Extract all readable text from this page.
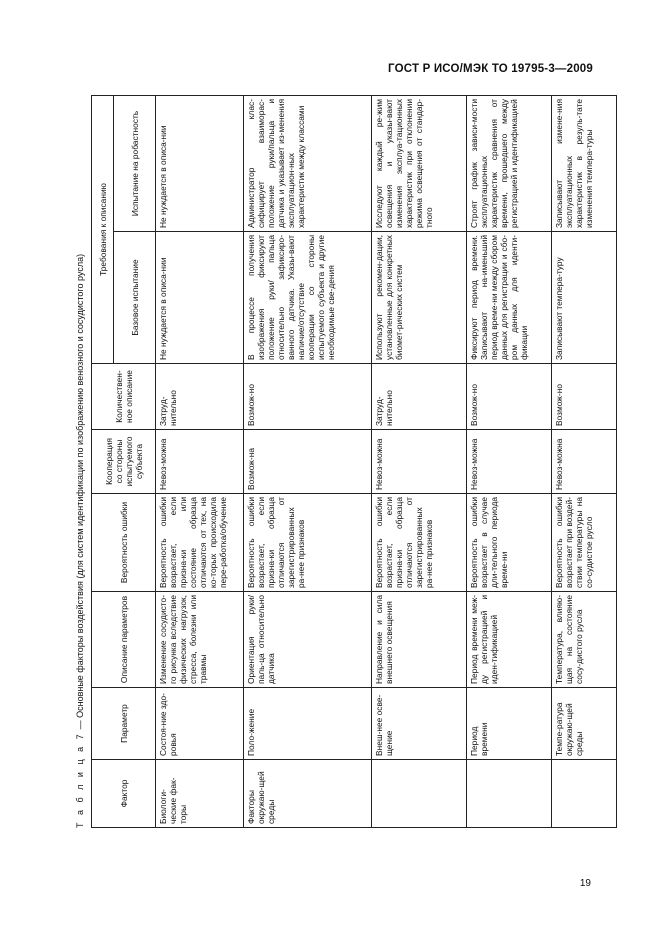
ГОСТ Р ИСО/МЭК ТО 19795-3—2009
Т а б л и ц а 7 — Основные факторы воздействия (для систем идентификации по изображению венозного и сосудистого русла)
Фактор	Параметр	Описание параметров	Вероятность ошибки	Кооперация со стороны испытуемого субъекта	Количествен-ное описание	Требования к описанию	
						Базовое испытание	Испытание на робастность
Биологи-ческие фак-торы	Состоя-ние здо-ровья	Изменение сосудисто-го рисунка вследствие физических нагрузок, стресса, болезни или травмы	Вероятность ошибки возрастает, если призна-ки или состояние образца отличаются от тех, на ко-торых происходила пере-работка/обучение	Невоз-можна	Затруд-нительно	Не нуждается в описа-нии	Не нуждается в описа-нии
Факторы окружаю-щей среды	Поло-жение	Ориентация руки/паль-ца относительно датчика	Вероятность ошибки возрастает, если призна-ки образца отличаются от зарегистрированных ра-нее признаков	Возмож-на	Возмож-но	В процессе получения изображения фиксируют положение руки/ пальца относительно зафиксиро-ванного датчика. Указы-вают наличие/отсутствие кооперации со стороны испытуемого субъекта и другие необходимые све-дения	Администратор клас-сифицирует взаиморас-положение руки/пальца и датчика и указывает из-менения эксплуатацион-ных характеристик между классами
	Внеш-нее осве-щение	Направление и сила внешнего освещения	Вероятность ошибки возрастает, если призна-ки образца отличаются от зарегистрированных ра-нее признаков	Невоз-можна	Затруд-нительно	Используют рекомен-дации, установленные для конкретных биомет-рических систем	Исследуют каждый ре-жим освещения и указы-вают изменения эксплуа-тационных характеристик при отклонении режима освещения от стандар-тного
	Период времени	Период времени меж-ду регистрацией и иден-тификацией	Вероятность ошибки возрастает в случае дли-тельного периода време-ни	Невоз-можна	Возмож-но	Фиксируют период времени. Записывают на-именьший период време-ни между сбором данных для регистрации и сбо-ром данных для иденти-фикации	Строят график зависи-мости эксплуатационных характеристик сравнения от времени, прошедшего между регистрацией и идентификацией
	Темпе-ратура окружаю-щей среды	Температура, влияю-щая на состояние сосу-дистого русла	Вероятность ошибки возрастает при воздей-ствии температуры на со-судистое русло	Невоз-можна	Возмож-но	Записывают темпера-туру	Записывают измене-ния эксплуатационных характеристик в резуль-тате изменения темпера-туры
19
